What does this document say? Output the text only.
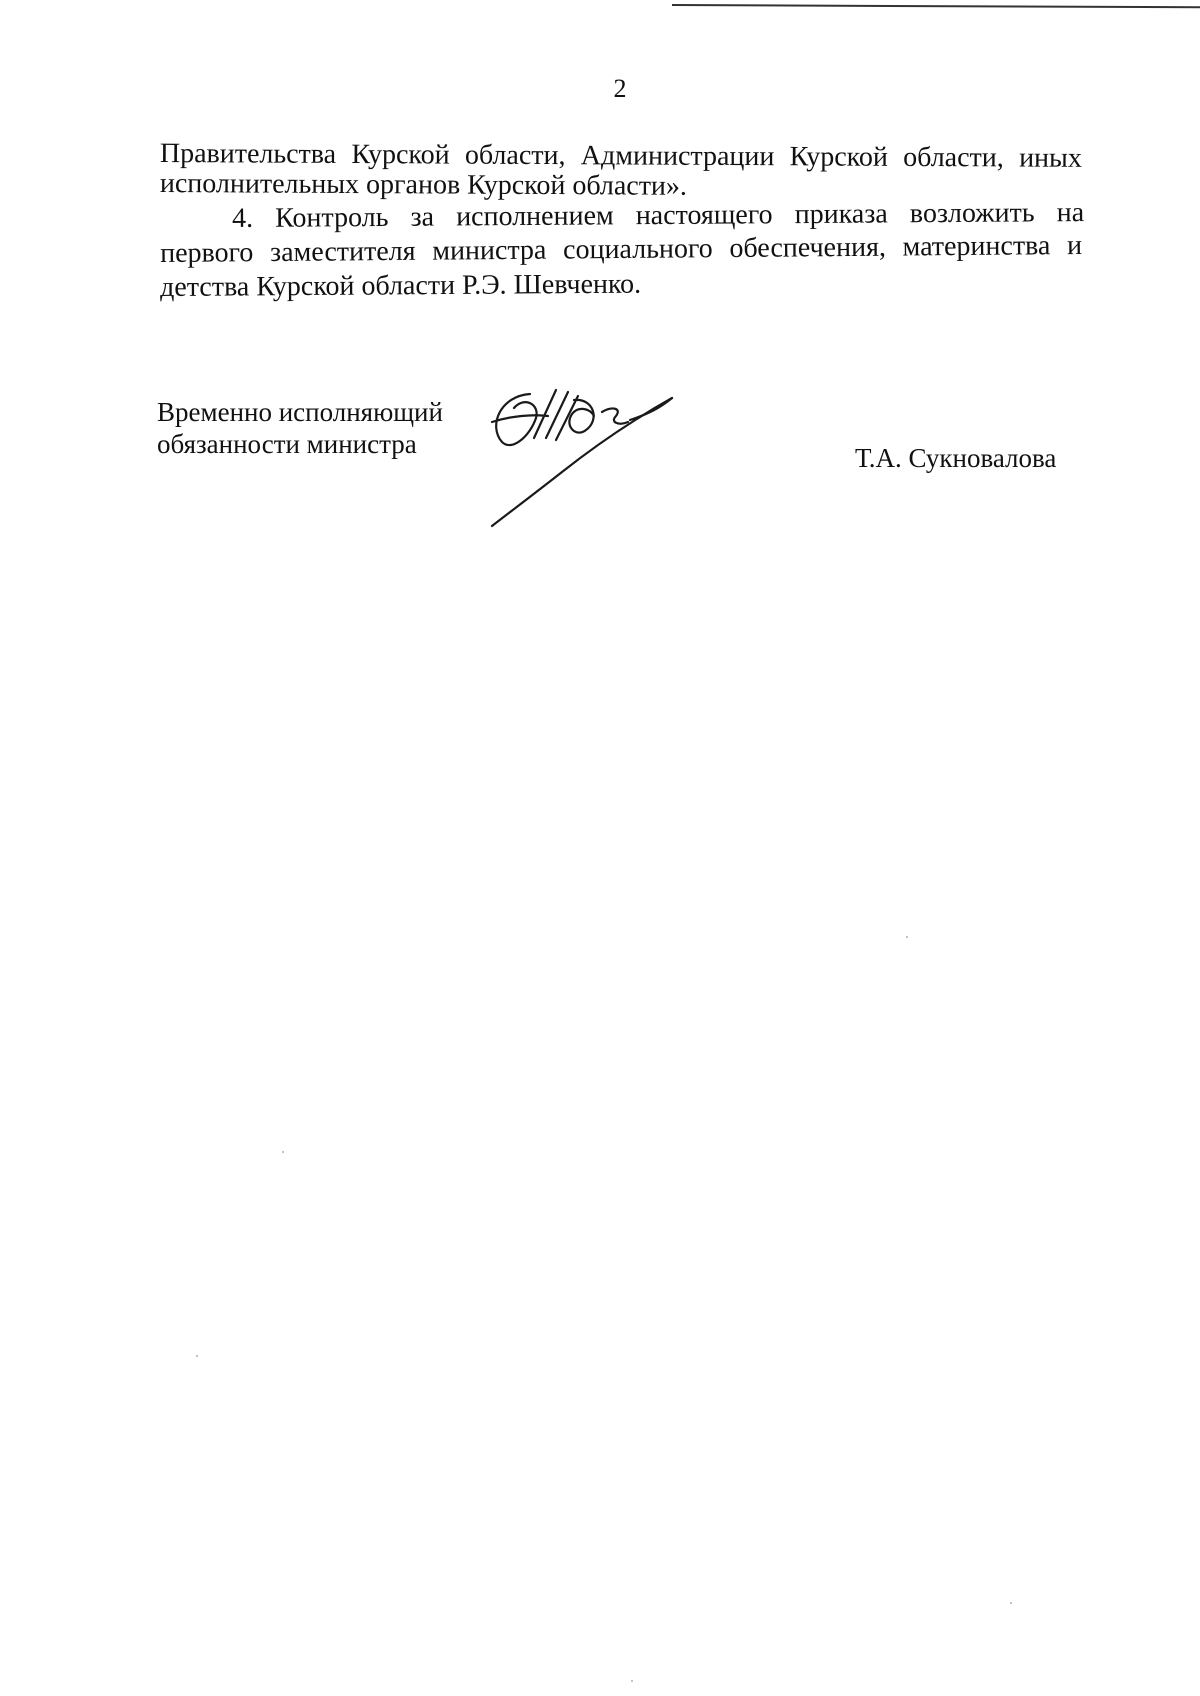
2
Правительства Курской области, Администрации Курской области, иных
исполнительных органов Курской области».
4. Контроль за исполнением настоящего приказа возложить на
первого заместителя министра социального обеспечения, материнства и
детства Курской области Р.Э. Шевченко.
Временно исполняющий
обязанности министра	Т.А. Сукновалова
